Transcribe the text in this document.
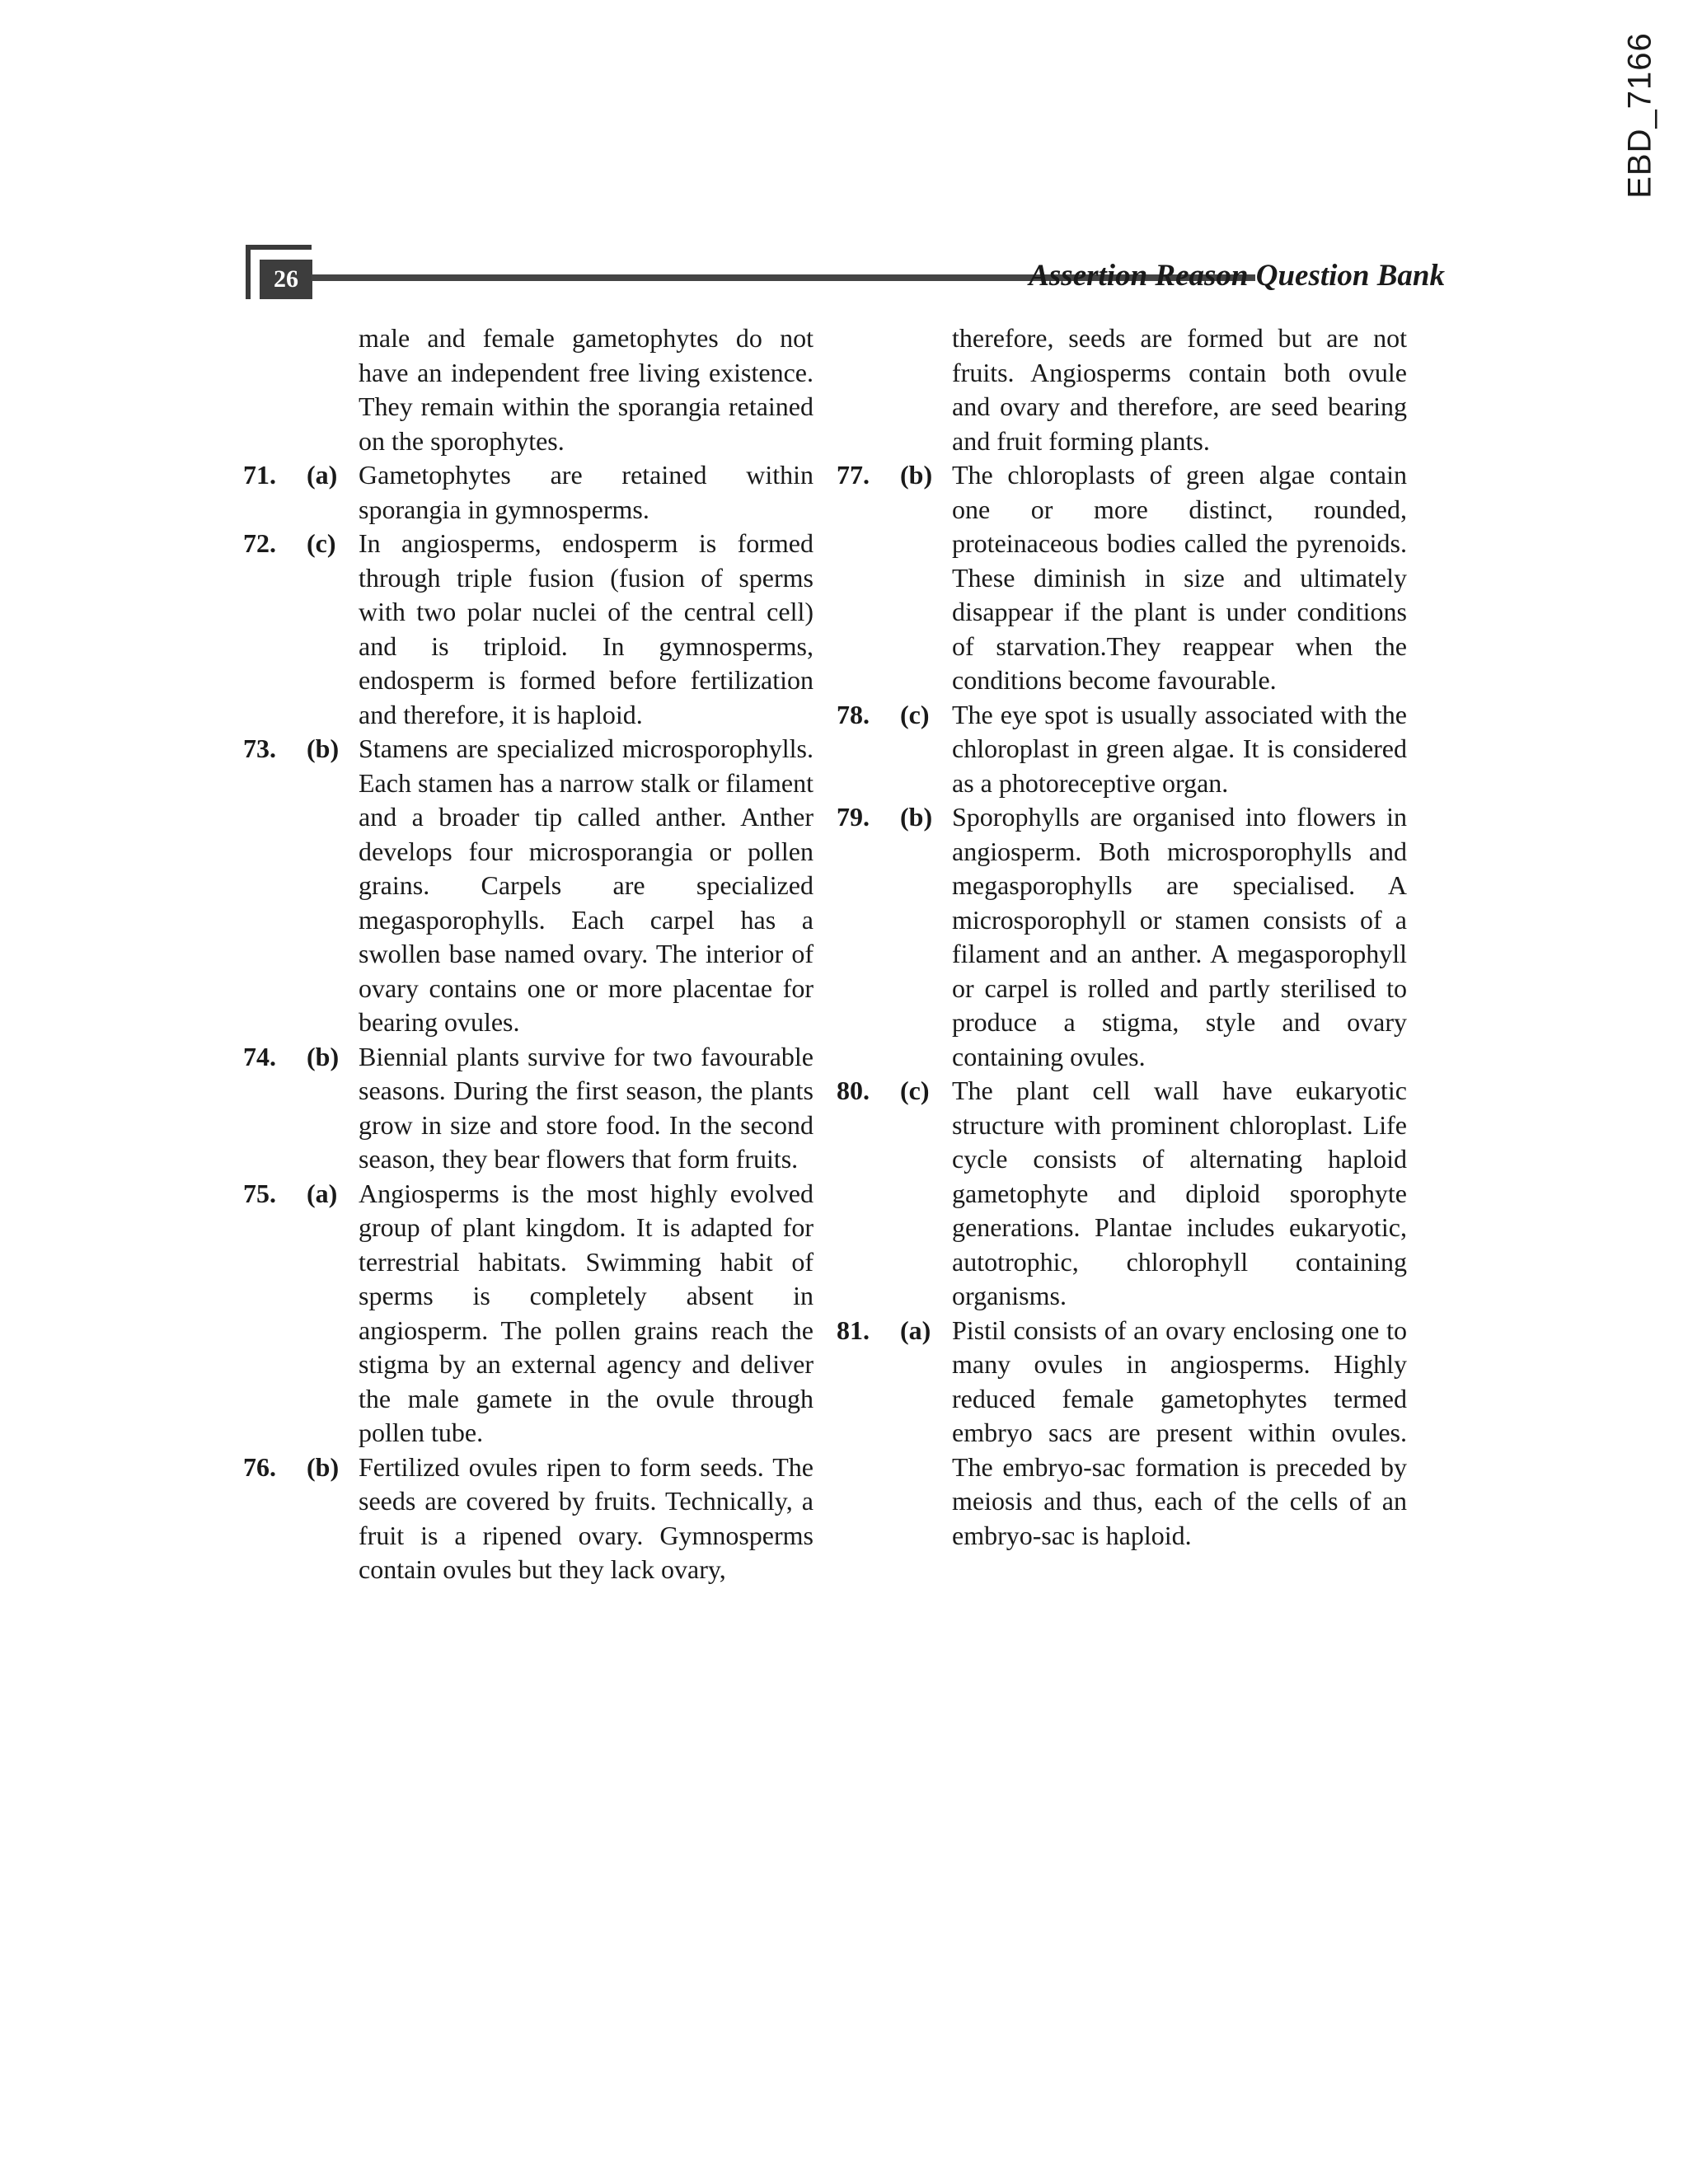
EBD_7166
26	Assertion Reason Question Bank
male and female gametophytes do not have an independent free living existence. They remain within the sporangia retained on the sporophytes.
71. (a) Gametophytes are retained within sporangia in gymnosperms.
72. (c) In angiosperms, endosperm is formed through triple fusion (fusion of sperms with two polar nuclei of the central cell) and is triploid. In gymnosperms, endosperm is formed before fertilization and therefore, it is haploid.
73. (b) Stamens are specialized microsporophylls. Each stamen has a narrow stalk or filament and a broader tip called anther. Anther develops four microsporangia or pollen grains. Carpels are specialized megasporophylls. Each carpel has a swollen base named ovary. The interior of ovary contains one or more placentae for bearing ovules.
74. (b) Biennial plants survive for two favourable seasons. During the first season, the plants grow in size and store food. In the second season, they bear flowers that form fruits.
75. (a) Angiosperms is the most highly evolved group of plant kingdom. It is adapted for terrestrial habitats. Swimming habit of sperms is completely absent in angiosperm. The pollen grains reach the stigma by an external agency and deliver the male gamete in the ovule through pollen tube.
76. (b) Fertilized ovules ripen to form seeds. The seeds are covered by fruits. Technically, a fruit is a ripened ovary. Gymnosperms contain ovules but they lack ovary,
therefore, seeds are formed but are not fruits. Angiosperms contain both ovule and ovary and therefore, are seed bearing and fruit forming plants.
77. (b) The chloroplasts of green algae contain one or more distinct, rounded, proteinaceous bodies called the pyrenoids. These diminish in size and ultimately disappear if the plant is under conditions of starvation.They reappear when the conditions become favourable.
78. (c) The eye spot is usually associated with the chloroplast in green algae. It is considered as a photoreceptive organ.
79. (b) Sporophylls are organised into flowers in angiosperm. Both microsporophylls and megasporophylls are specialised. A microsporophyll or stamen consists of a filament and an anther. A megasporophyll or carpel is rolled and partly sterilised to produce a stigma, style and ovary containing ovules.
80. (c) The plant cell wall have eukaryotic structure with prominent chloroplast. Life cycle consists of alternating haploid gametophyte and diploid sporophyte generations. Plantae includes eukaryotic, autotrophic, chlorophyll containing organisms.
81. (a) Pistil consists of an ovary enclosing one to many ovules in angiosperms. Highly reduced female gametophytes termed embryo sacs are present within ovules. The embryo-sac formation is preceded by meiosis and thus, each of the cells of an embryo-sac is haploid.
